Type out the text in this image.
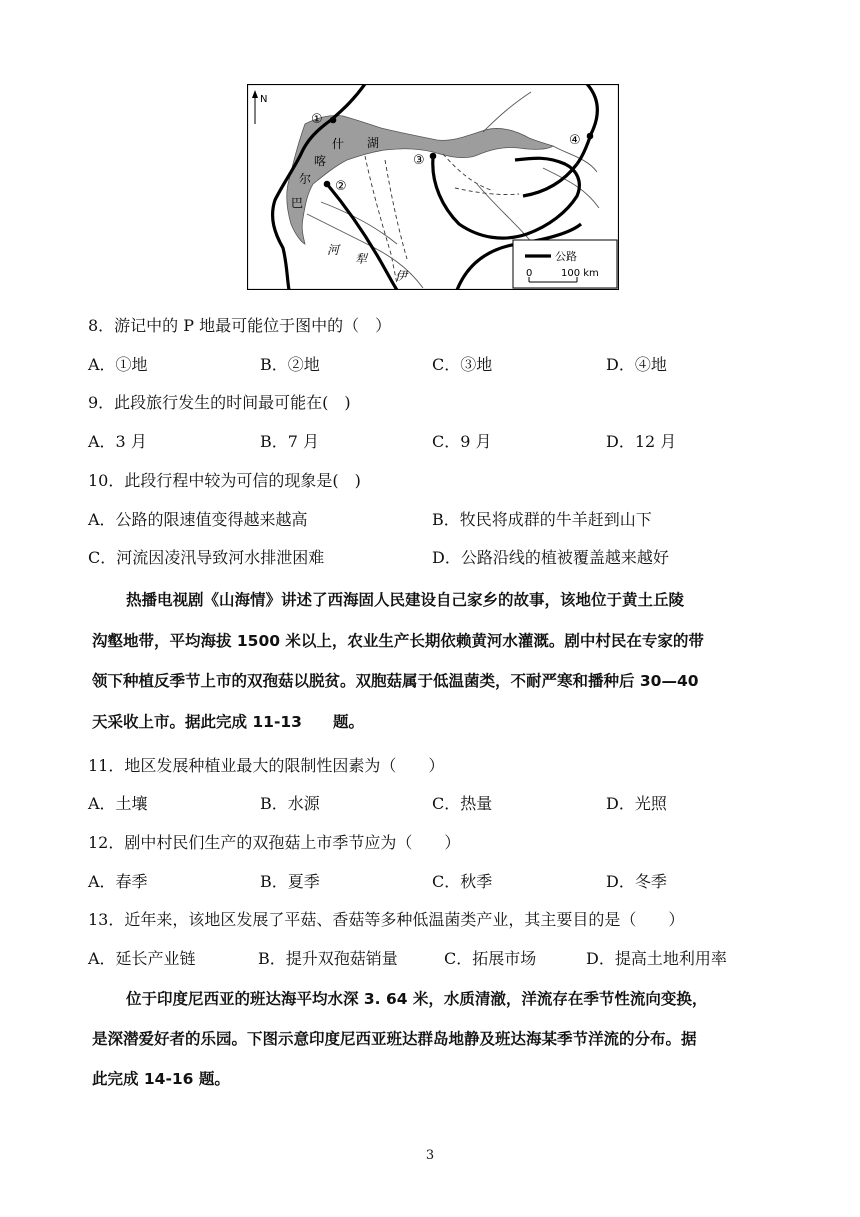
N
①
②
③
④
什
喀
尔
巴
湖
河
犁
伊
公路
0	100 km
8．游记中的 P 地最可能位于图中的（　）
A．①地	B．②地	C．③地	D．④地
9．此段旅行发生的时间最可能在(　)
A．3 月	B．7 月	C．9 月	D．12 月
10．此段行程中较为可信的现象是(　)
A．公路的限速值变得越来越高	B．牧民将成群的牛羊赶到山下
C．河流因凌汛导致河水排泄困难	D．公路沿线的植被覆盖越来越好
热播电视剧《山海情》讲述了西海固人民建设自己家乡的故事，该地位于黄土丘陵
沟壑地带，平均海拔 1500 米以上，农业生产长期依赖黄河水灌溉。剧中村民在专家的带
领下种植反季节上市的双孢菇以脱贫。双胞菇属于低温菌类，不耐严寒和播种后 30—40
天采收上市。据此完成 11-13　　题。
11．地区发展种植业最大的限制性因素为（　　）
A．土壤	B．水源	C．热量	D．光照
12．剧中村民们生产的双孢菇上市季节应为（　　）
A．春季	B．夏季	C．秋季	D．冬季
13．近年来，该地区发展了平菇、香菇等多种低温菌类产业，其主要目的是（　　）
A．延长产业链	B．提升双孢菇销量	C．拓展市场	D．提高土地利用率
位于印度尼西亚的班达海平均水深 3. 64 米，水质清澈，洋流存在季节性流向变换，
是深潜爱好者的乐园。下图示意印度尼西亚班达群岛地静及班达海某季节洋流的分布。据
此完成 14-16 题。
3
